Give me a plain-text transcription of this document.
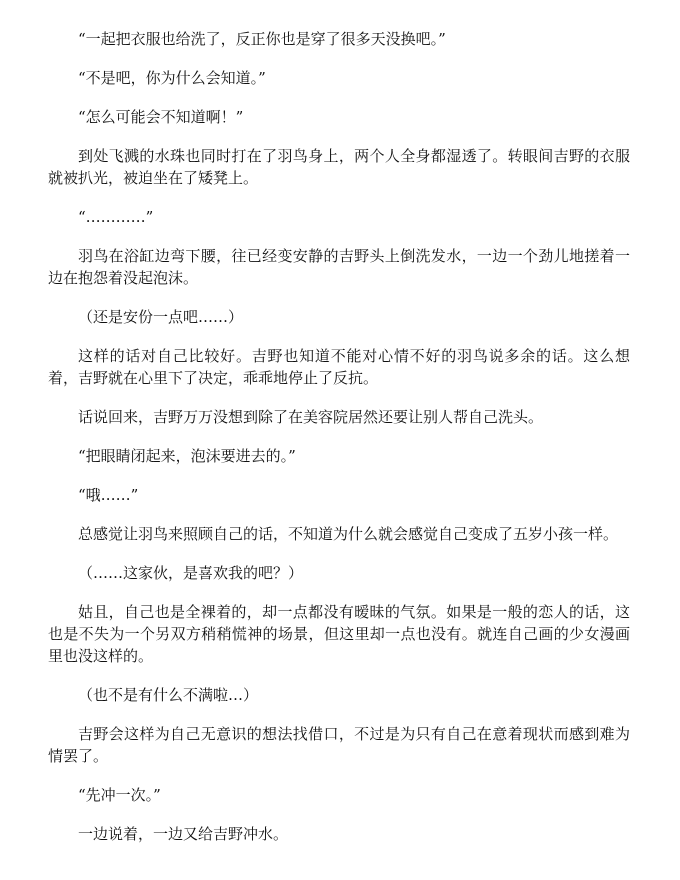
“一起把衣服也给洗了，反正你也是穿了很多天没换吧。”

“不是吧，你为什么会知道。”

“怎么可能会不知道啊！”

到处飞溅的水珠也同时打在了羽鸟身上，两个人全身都湿透了。转眼间吉野的衣服就被扒光，被迫坐在了矮凳上。

“…………”

羽鸟在浴缸边弯下腰，往已经变安静的吉野头上倒洗发水，一边一个劲儿地搓着一边在抱怨着没起泡沫。

（还是安份一点吧……）

这样的话对自己比较好。吉野也知道不能对心情不好的羽鸟说多余的话。这么想着，吉野就在心里下了决定，乖乖地停止了反抗。

话说回来，吉野万万没想到除了在美容院居然还要让别人帮自己洗头。

“把眼睛闭起来，泡沫要进去的。”

“哦……”

总感觉让羽鸟来照顾自己的话，不知道为什么就会感觉自己变成了五岁小孩一样。

（……这家伙，是喜欢我的吧？）

姑且，自己也是全裸着的，却一点都没有暧昧的气氛。如果是一般的恋人的话，这也是不失为一个另双方稍稍慌神的场景，但这里却一点也没有。就连自己画的少女漫画里也没这样的。

（也不是有什么不满啦…）

吉野会这样为自己无意识的想法找借口，不过是为只有自己在意着现状而感到难为情罢了。

“先冲一次。”

一边说着，一边又给吉野冲水。
